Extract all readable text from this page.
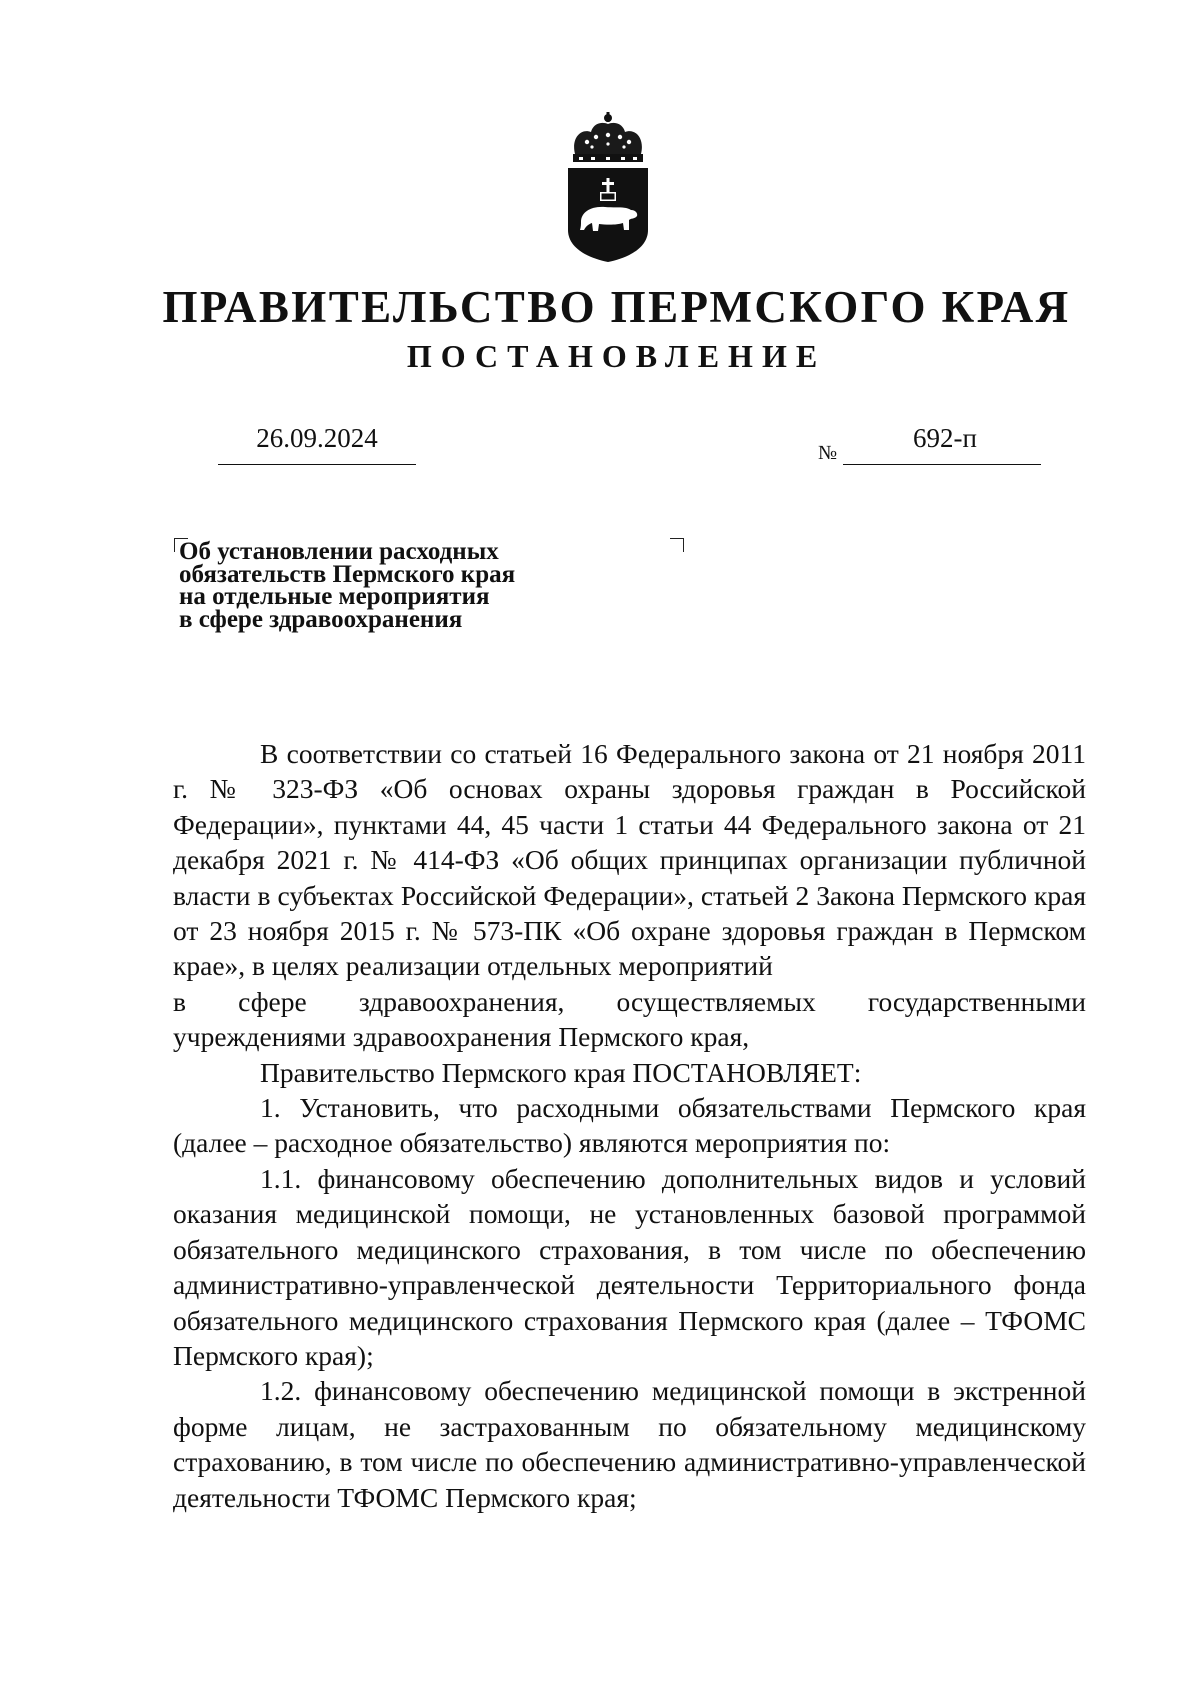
ПРАВИТЕЛЬСТВО ПЕРМСКОГО КРАЯ
ПОСТАНОВЛЕНИЕ
26.09.2024	№	692-п
Об установлении расходных
обязательств Пермского края
на отдельные мероприятия
в сфере здравоохранения

В соответствии со статьей 16 Федерального закона от 21 ноября 2011 г. № 323-ФЗ «Об основах охраны здоровья граждан в Российской Федерации», пунктами 44, 45 части 1 статьи 44 Федерального закона от 21 декабря 2021 г. № 414-ФЗ «Об общих принципах организации публичной власти в субъектах Российской Федерации», статьей 2 Закона Пермского края от 23 ноября 2015 г. № 573-ПК «Об охране здоровья граждан в Пермском крае», в целях реализации отдельных мероприятий

в сфере здравоохранения, осуществляемых государственными

учреждениями здравоохранения Пермского края,

Правительство Пермского края ПОСТАНОВЛЯЕТ:

1. Установить, что расходными обязательствами Пермского края (далее – расходное обязательство) являются мероприятия по:

1.1. финансовому обеспечению дополнительных видов и условий оказания медицинской помощи, не установленных базовой программой обязательного медицинского страхования, в том числе по обеспечению административно-управленческой деятельности Территориального фонда обязательного медицинского страхования Пермского края (далее – ТФОМС Пермского края);

1.2. финансовому обеспечению медицинской помощи в экстренной форме лицам, не застрахованным по обязательному медицинскому страхованию, в том числе по обеспечению административно-управленческой деятельности ТФОМС Пермского края;
